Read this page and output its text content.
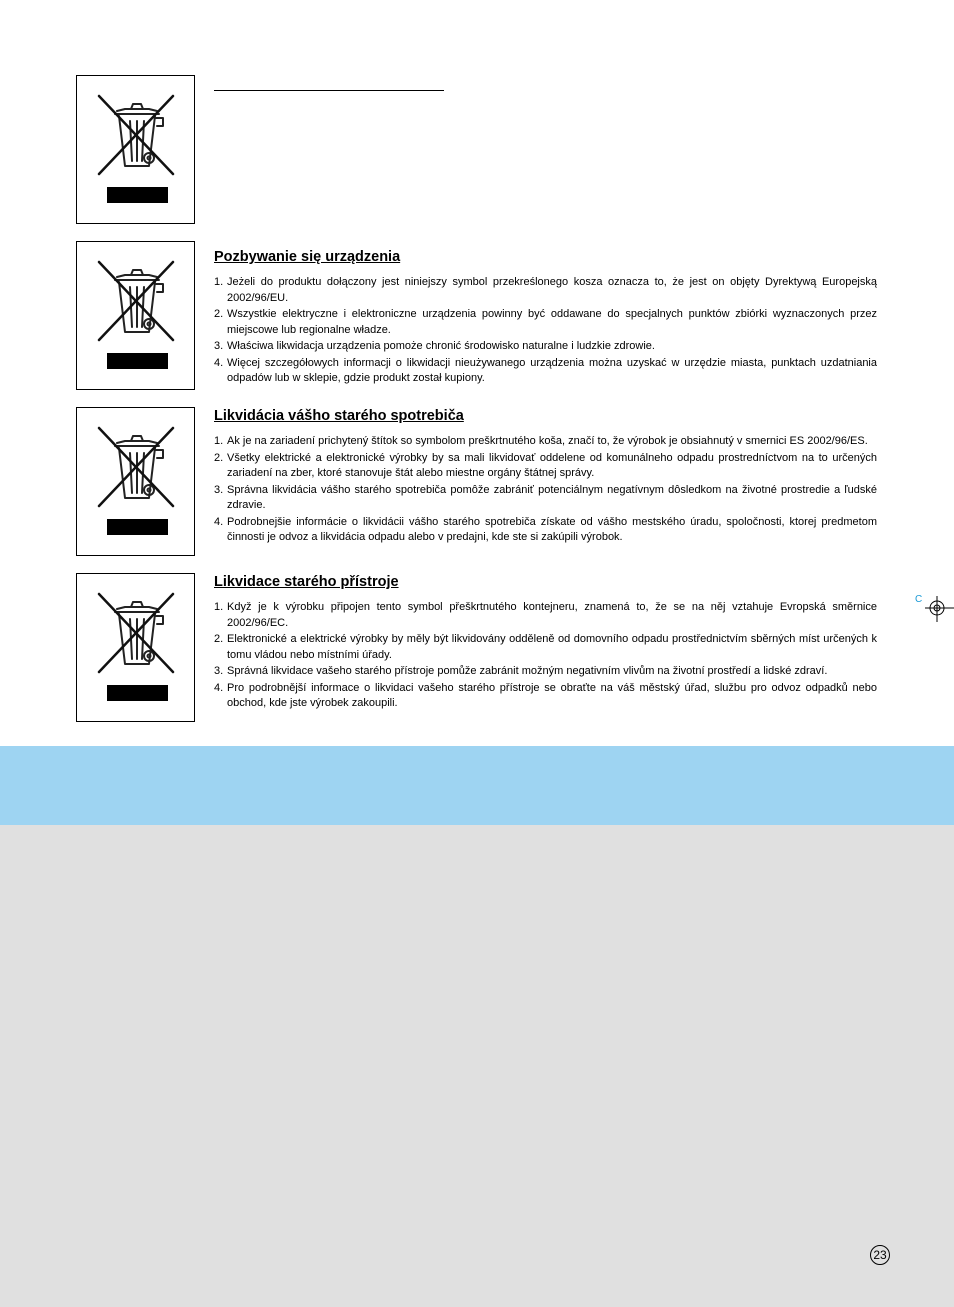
Pozbywanie się urządzenia
1. Jeżeli do produktu dołączony jest niniejszy symbol przekreślonego kosza oznacza to, że jest on objęty Dyrektywą Europejską 2002/96/EU.
2. Wszystkie elektryczne i elektroniczne urządzenia powinny być oddawane do specjalnych punktów zbiórki wyznaczonych przez miejscowe lub regionalne władze.
3. Właściwa likwidacja urządzenia pomoże chronić środowisko naturalne i ludzkie zdrowie.
4. Więcej szczegółowych informacji o likwidacji nieużywanego urządzenia można uzyskać w urzędzie miasta, punktach uzdatniania odpadów lub w sklepie, gdzie produkt został kupiony.
Likvidácia vášho starého spotrebiča
1. Ak je na zariadení prichytený štítok so symbolom preškrtnutého koša, značí to, že výrobok je obsiahnutý v smernici ES 2002/96/ES.
2. Všetky elektrické a elektronické výrobky by sa mali likvidovať oddelene od komunálneho odpadu prostredníctvom na to určených zariadení na zber, ktoré stanovuje štát alebo miestne orgány štátnej správy.
3. Správna likvidácia vášho starého spotrebiča pomôže zabrániť potenciálnym negatívnym dôsledkom na životné prostredie a ľudské zdravie.
4. Podrobnejšie informácie o likvidácii vášho starého spotrebiča získate od vášho mestského úradu, spoločnosti, ktorej predmetom činnosti je odvoz a likvidácia odpadu alebo v predajni, kde ste si zakúpili výrobok.
Likvidace starého přístroje
1. Když je k výrobku připojen tento symbol přeškrtnutého kontejneru, znamená to, že se na něj vztahuje Evropská směrnice 2002/96/EC.
2. Elektronické a elektrické výrobky by měly být likvidovány odděleně od domovního odpadu prostřednictvím sběrných míst určených k tomu vládou nebo místními úřady.
3. Správná likvidace vašeho starého přístroje pomůže zabránit možným negativním vlivům na životní prostředí a lidské zdraví.
4. Pro podrobnější informace o likvidaci vašeho starého přístroje se obraťte na váš městský úřad, službu pro odvoz odpadků nebo obchod, kde jste výrobek zakoupili.
C
23
